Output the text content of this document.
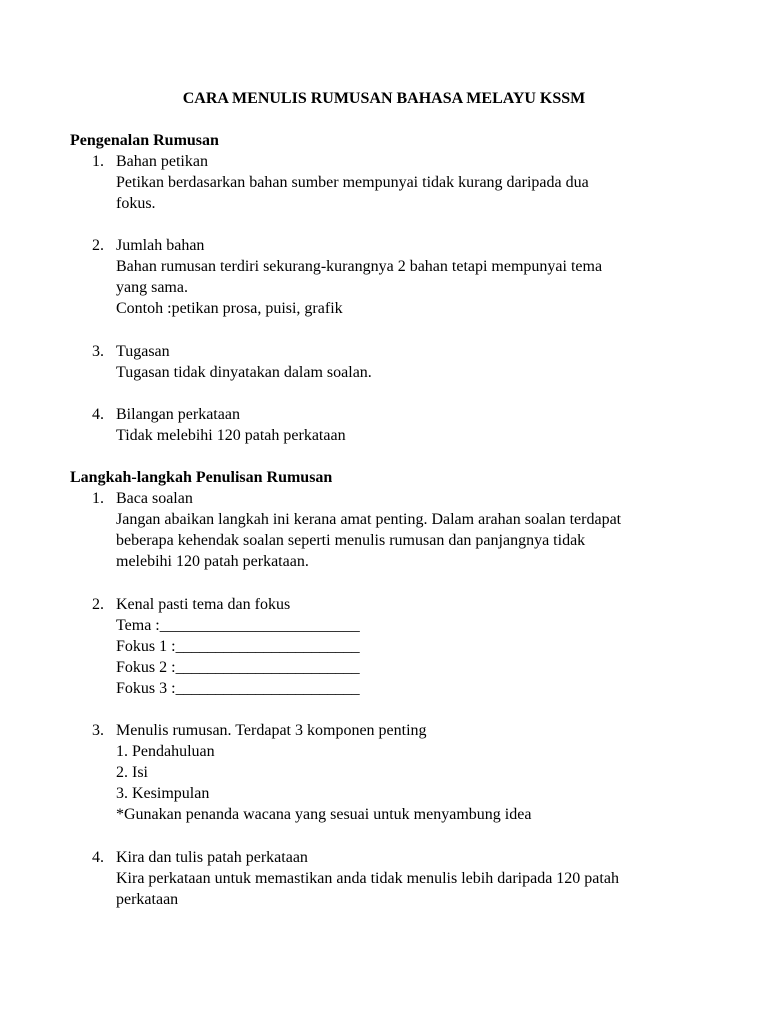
CARA MENULIS RUMUSAN BAHASA MELAYU KSSM
Pengenalan Rumusan
1. Bahan petikan
Petikan berdasarkan bahan sumber mempunyai tidak kurang daripada dua
fokus.
2. Jumlah bahan
Bahan rumusan terdiri sekurang-kurangnya 2 bahan tetapi mempunyai tema
yang sama.
Contoh :petikan prosa, puisi, grafik
3. Tugasan
Tugasan tidak dinyatakan dalam soalan.
4. Bilangan perkataan
Tidak melebihi 120 patah perkataan
Langkah-langkah Penulisan Rumusan
1. Baca soalan
Jangan abaikan langkah ini kerana amat penting. Dalam arahan soalan terdapat
beberapa kehendak soalan seperti menulis rumusan dan panjangnya tidak
melebihi 120 patah perkataan.
2. Kenal pasti tema dan fokus
Tema :_________________________
Fokus 1 :_______________________
Fokus 2 :_______________________
Fokus 3 :_______________________
3. Menulis rumusan. Terdapat 3 komponen penting
1. Pendahuluan
2. Isi
3. Kesimpulan
*Gunakan penanda wacana yang sesuai untuk menyambung idea
4. Kira dan tulis patah perkataan
Kira perkataan untuk memastikan anda tidak menulis lebih daripada 120 patah
perkataan
